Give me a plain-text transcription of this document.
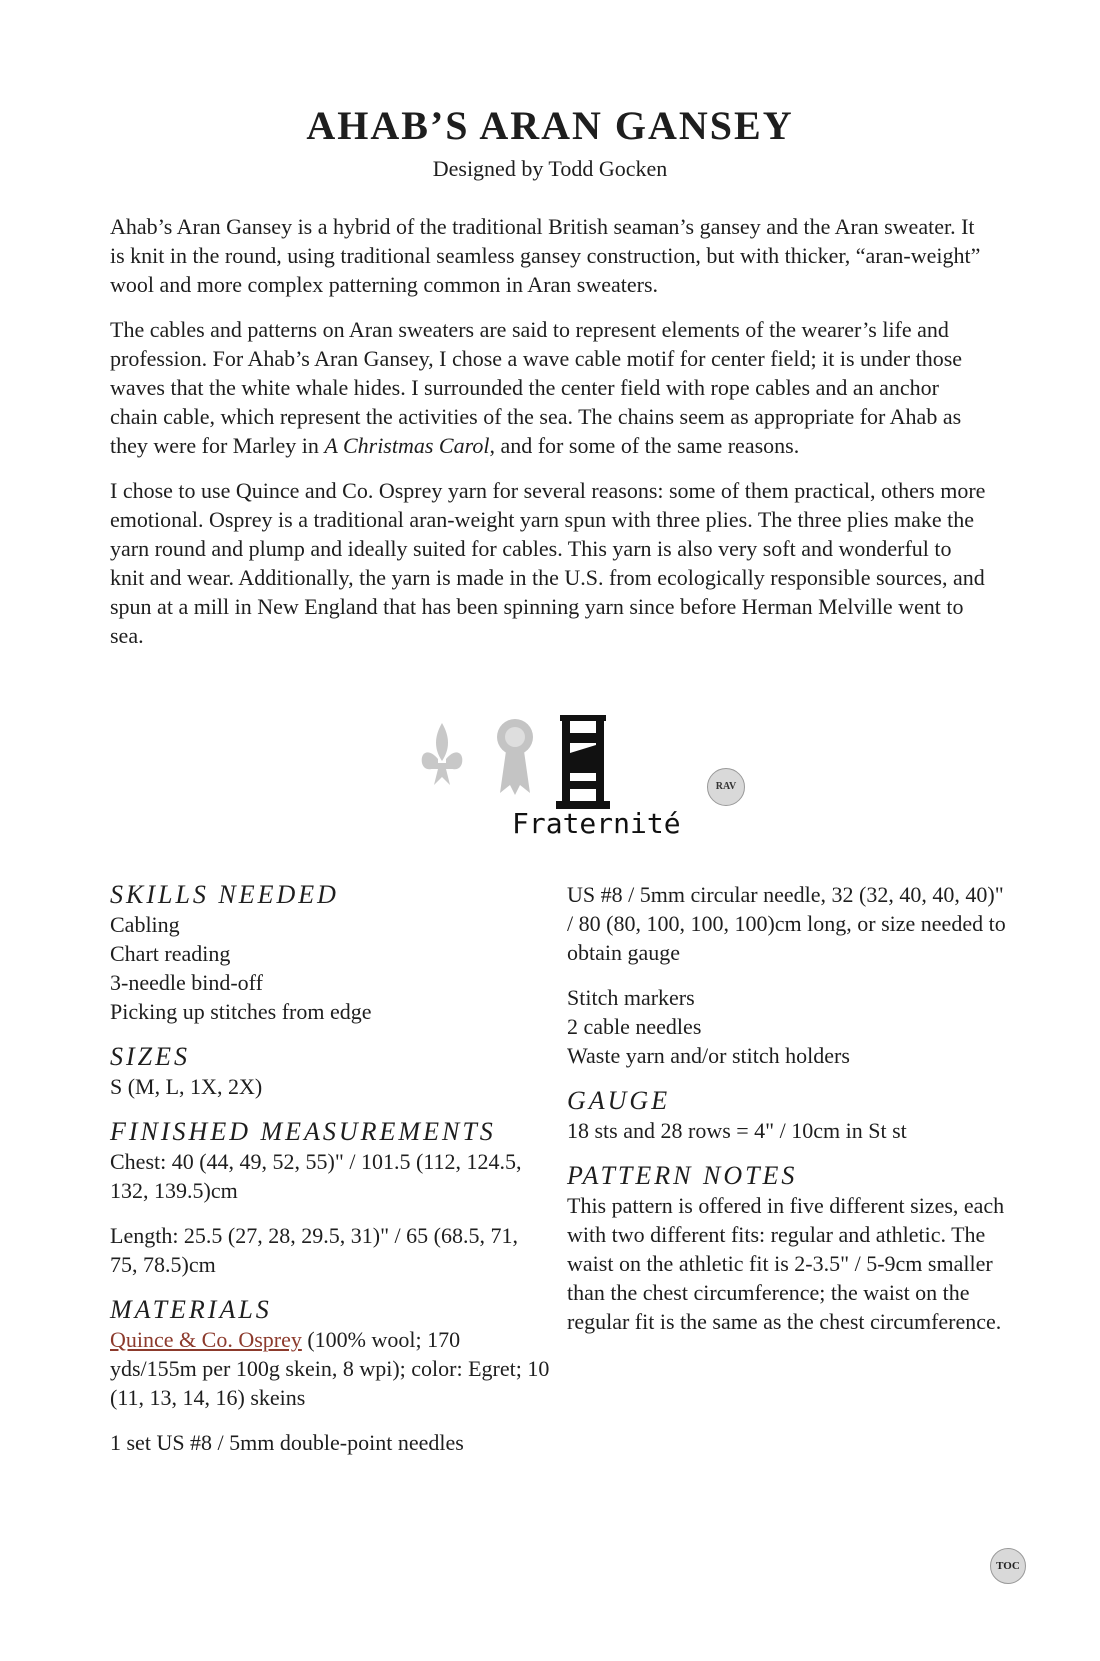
AHAB’S ARAN GANSEY
Designed by Todd Gocken

Ahab’s Aran Gansey is a hybrid of the traditional British seaman’s gansey and the Aran sweater. It is knit in the round, using traditional seamless gansey construction, but with thicker, “aran-weight” wool and more complex patterning common in Aran sweaters.

The cables and patterns on Aran sweaters are said to represent elements of the wearer’s life and profession. For Ahab’s Aran Gansey, I chose a wave cable motif for center field; it is under those waves that the white whale hides. I surrounded the center field with rope cables and an anchor chain cable, which represent the activities of the sea. The chains seem as appropriate for Ahab as they were for Marley in A Christmas Carol, and for some of the same reasons.

I chose to use Quince and Co. Osprey yarn for several reasons: some of them practical, others more emotional. Osprey is a traditional aran-weight yarn spun with three plies. The three plies make the yarn round and plump and ideally suited for cables. This yarn is also very soft and wonderful to knit and wear. Additionally, the yarn is made in the U.S. from ecologically responsible sources, and spun at a mill in New England that has been spinning yarn since before Herman Melville went to sea.

Fraternité
RAV
SKILLS NEEDED
Cabling
Chart reading
3-needle bind-off
Picking up stitches from edge
SIZES
S (M, L, 1X, 2X)
FINISHED MEASUREMENTS
Chest: 40 (44, 49, 52, 55)" / 101.5 (112, 124.5, 132, 139.5)cm
Length: 25.5 (27, 28, 29.5, 31)" / 65 (68.5, 71, 75, 78.5)cm
MATERIALS
Quince & Co. Osprey (100% wool; 170 yds/155m per 100g skein, 8 wpi); color: Egret; 10 (11, 13, 14, 16) skeins
1 set US #8 / 5mm double-point needles
US #8 / 5mm circular needle, 32 (32, 40, 40, 40)" / 80 (80, 100, 100, 100)cm long, or size needed to obtain gauge
Stitch markers
2 cable needles
Waste yarn and/or stitch holders
GAUGE
18 sts and 28 rows = 4" / 10cm in St st
PATTERN NOTES
This pattern is offered in five different sizes, each with two different fits: regular and athletic. The waist on the athletic fit is 2-3.5" / 5-9cm smaller than the chest circumference; the waist on the regular fit is the same as the chest circumference.
TOC
